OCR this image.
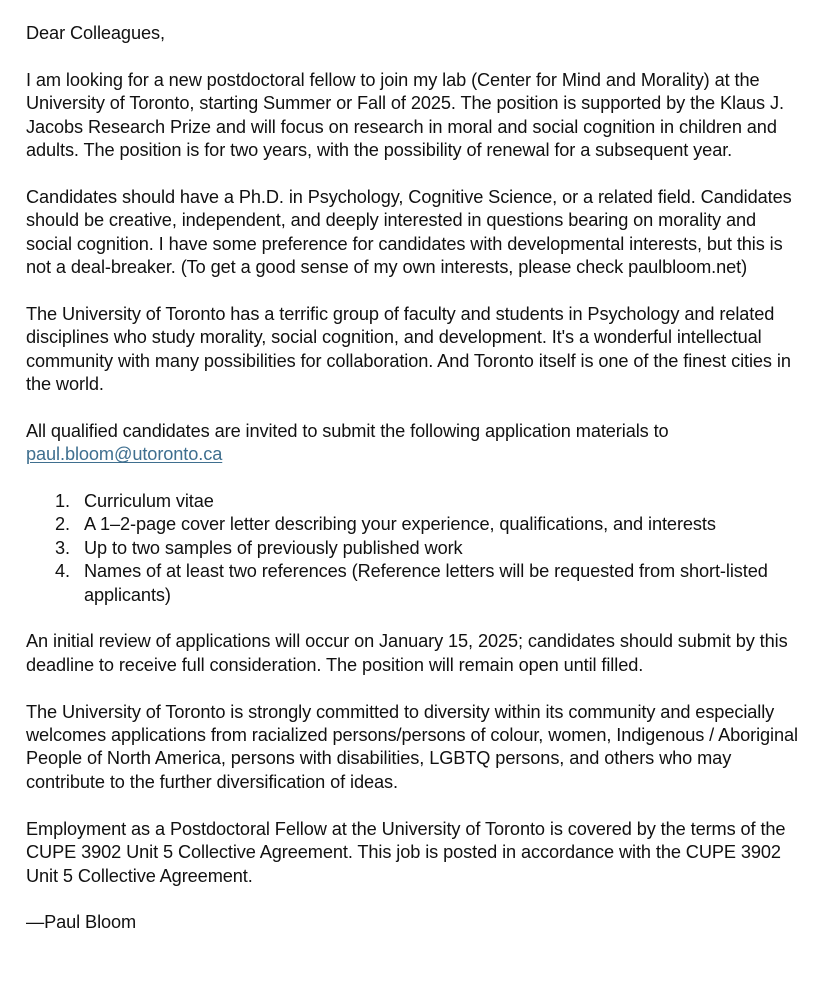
Dear Colleagues,

I am looking for a new postdoctoral fellow to join my lab (Center for Mind and Morality) at the University of Toronto, starting Summer or Fall of 2025. The position is supported by the Klaus J. Jacobs Research Prize and will focus on research in moral and social cognition in children and adults. The position is for two years, with the possibility of renewal for a subsequent year.

Candidates should have a Ph.D. in Psychology, Cognitive Science, or a related field. Candidates should be creative, independent, and deeply interested in questions bearing on morality and social cognition. I have some preference for candidates with developmental interests, but this is not a deal-breaker. (To get a good sense of my own interests, please check paulbloom.net)

The University of Toronto has a terrific group of faculty and students in Psychology and related disciplines who study morality, social cognition, and development. It's a wonderful intellectual community with many possibilities for collaboration. And Toronto itself is one of the finest cities in the world.

All qualified candidates are invited to submit the following application materials to
paul.bloom@utoronto.ca

1. Curriculum vitae
2. A 1–2-page cover letter describing your experience, qualifications, and interests
3. Up to two samples of previously published work
4. Names of at least two references (Reference letters will be requested from short-listed applicants)

An initial review of applications will occur on January 15, 2025; candidates should submit by this deadline to receive full consideration. The position will remain open until filled.

The University of Toronto is strongly committed to diversity within its community and especially welcomes applications from racialized persons/persons of colour, women, Indigenous / Aboriginal People of North America, persons with disabilities, LGBTQ persons, and others who may contribute to the further diversification of ideas.

Employment as a Postdoctoral Fellow at the University of Toronto is covered by the terms of the CUPE 3902 Unit 5 Collective Agreement. This job is posted in accordance with the CUPE 3902 Unit 5 Collective Agreement.

—Paul Bloom
